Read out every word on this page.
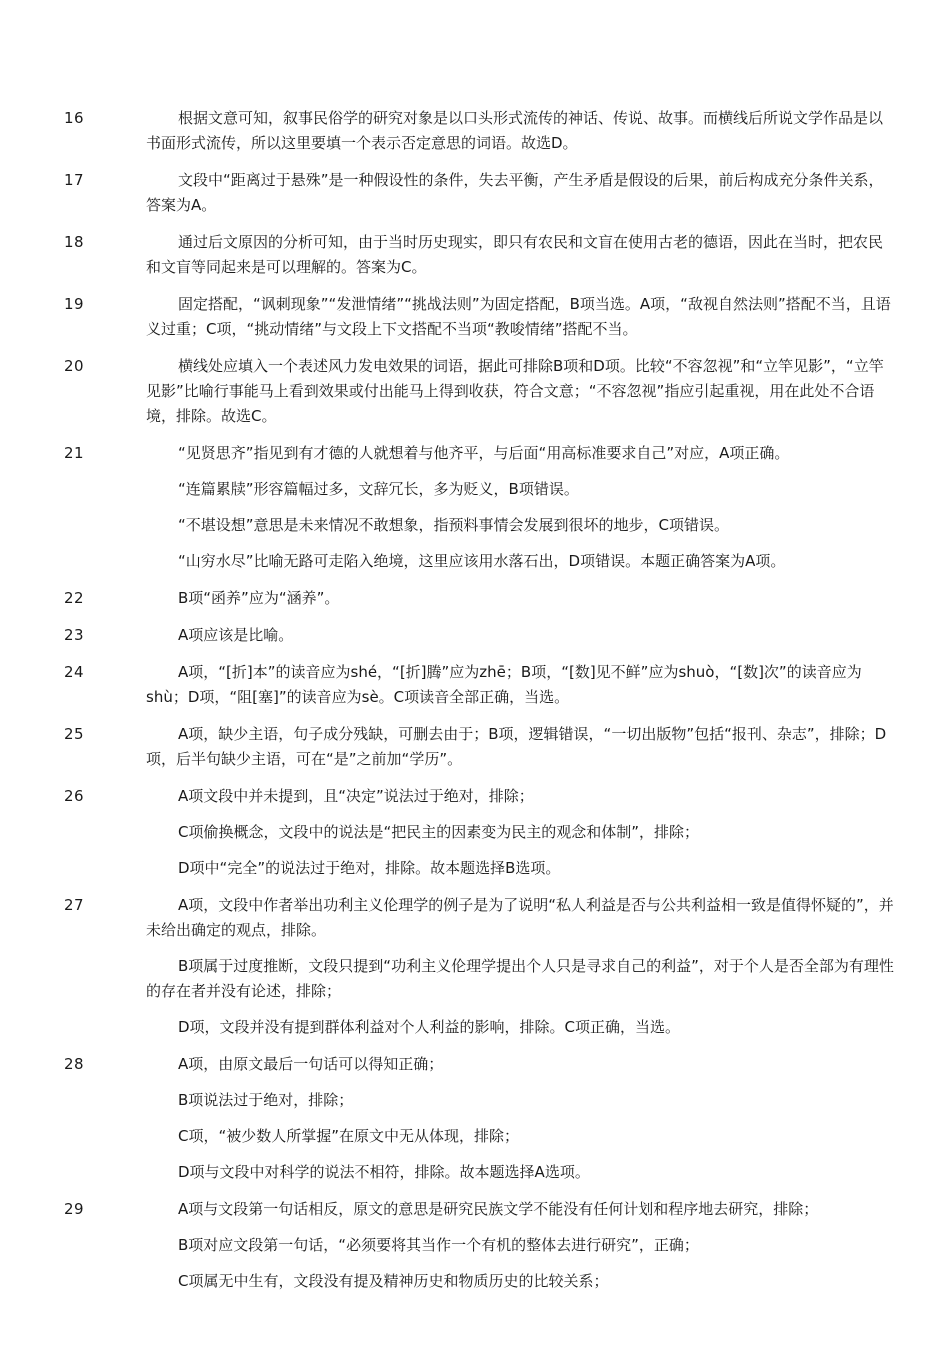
16	根据文意可知，叙事民俗学的研究对象是以口头形式流传的神话、传说、故事。而横线后所说文学作品是以书面形式流传，所以这里要填一个表示否定意思的词语。故选D。

17	文段中“距离过于悬殊”是一种假设性的条件，失去平衡，产生矛盾是假设的后果，前后构成充分条件关系，答案为A。

18	通过后文原因的分析可知，由于当时历史现实，即只有农民和文盲在使用古老的德语，因此在当时，把农民和文盲等同起来是可以理解的。答案为C。

19	固定搭配，“讽刺现象”“发泄情绪”“挑战法则”为固定搭配，B项当选。A项，“敌视自然法则”搭配不当，且语义过重；C项，“挑动情绪”与文段上下文搭配不当项“教唆情绪”搭配不当。

20	横线处应填入一个表述风力发电效果的词语，据此可排除B项和D项。比较“不容忽视”和“立竿见影”，“立竿见影”比喻行事能马上看到效果或付出能马上得到收获，符合文意；“不容忽视”指应引起重视，用在此处不合语境，排除。故选C。

21	“见贤思齐”指见到有才德的人就想着与他齐平，与后面“用高标准要求自己”对应，A项正确。

“连篇累牍”形容篇幅过多，文辞冗长，多为贬义，B项错误。

“不堪设想”意思是未来情况不敢想象，指预料事情会发展到很坏的地步，C项错误。

“山穷水尽”比喻无路可走陷入绝境，这里应该用水落石出，D项错误。本题正确答案为A项。

22	B项“函养”应为“涵养”。

23	A项应该是比喻。

24	A项，“[折]本”的读音应为shé，“[折]腾”应为zhē；B项，“[数]见不鲜”应为shuò，“[数]次”的读音应为shù；D项，“阻[塞]”的读音应为sè。C项读音全部正确，当选。

25	A项，缺少主语，句子成分残缺，可删去由于；B项，逻辑错误，“一切出版物”包括“报刊、杂志”，排除；D项，后半句缺少主语，可在“是”之前加“学历”。

26	A项文段中并未提到，且“决定”说法过于绝对，排除；

C项偷换概念，文段中的说法是“把民主的因素变为民主的观念和体制”，排除；

D项中“完全”的说法过于绝对，排除。故本题选择B选项。

27	A项，文段中作者举出功利主义伦理学的例子是为了说明“私人利益是否与公共利益相一致是值得怀疑的”，并未给出确定的观点，排除。

B项属于过度推断，文段只提到“功利主义伦理学提出个人只是寻求自己的利益”，对于个人是否全部为有理性的存在者并没有论述，排除；

D项，文段并没有提到群体利益对个人利益的影响，排除。C项正确，当选。

28	A项，由原文最后一句话可以得知正确；

B项说法过于绝对，排除；

C项，“被少数人所掌握”在原文中无从体现，排除；

D项与文段中对科学的说法不相符，排除。故本题选择A选项。

29	A项与文段第一句话相反，原文的意思是研究民族文学不能没有任何计划和程序地去研究，排除；

B项对应文段第一句话，“必须要将其当作一个有机的整体去进行研究”，正确；

C项属无中生有，文段没有提及精神历史和物质历史的比较关系；
